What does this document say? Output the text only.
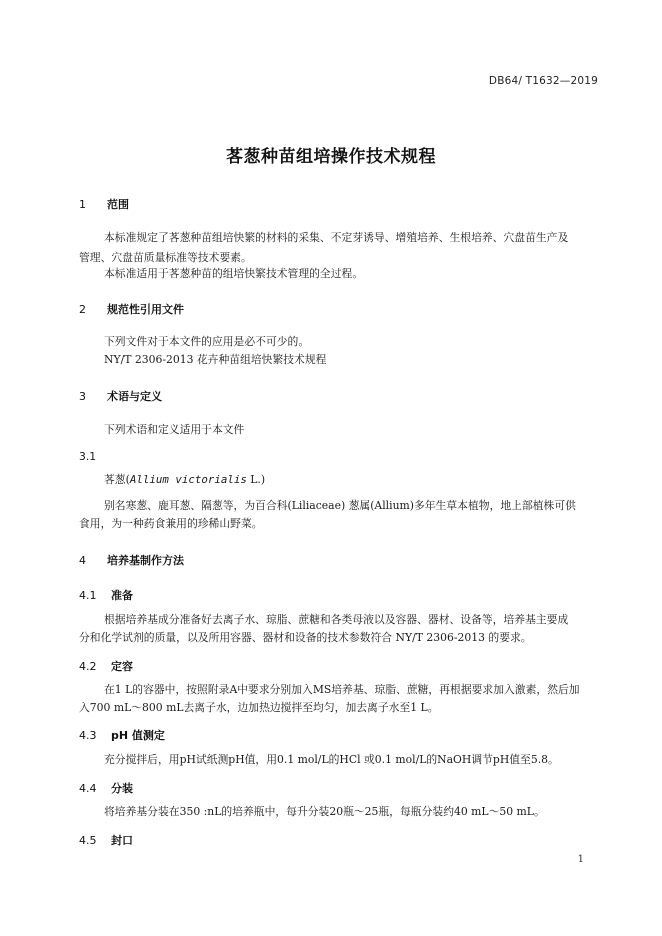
DB64/ T1632—2019
茖葱种苗组培操作技术规程
1 范围
本标准规定了茖葱种苗组培快繁的材料的采集、不定芽诱导、增殖培养、生根培养、穴盘苗生产及
管理、穴盘苗质量标准等技术要素。
本标准适用于茖葱种苗的组培快繁技术管理的全过程。
2 规范性引用文件
下列文件对于本文件的应用是必不可少的。
NY/T 2306-2013 花卉种苗组培快繁技术规程
3 术语与定义
下列术语和定义适用于本文件
3.1
茖葱(Allium victorialis L.)
别名寒葱、鹿耳葱、隔葱等，为百合科(Liliaceae) 葱属(Allium)多年生草本植物，地上部植株可供
食用，为一种药食兼用的珍稀山野菜。
4 培养基制作方法
4.1 准备
根据培养基成分准备好去离子水、琼脂、蔗糖和各类母液以及容器、器材、设备等，培养基主要成
分和化学试剂的质量，以及所用容器、器材和设备的技术参数符合 NY/T 2306-2013 的要求。
4.2 定容
在1 L的容器中，按照附录A中要求分别加入MS培养基、琼脂、蔗糖，再根据要求加入激素，然后加
入700 mL～800 mL去离子水，边加热边搅拌至均匀，加去离子水至1 L。
4.3 pH 值测定
充分搅拌后，用pH试纸测pH值，用0.1 mol/L的HCl 或0.1 mol/L的NaOH调节pH值至5.8。
4.4 分装
将培养基分装在350 :nL的培养瓶中，每升分装20瓶～25瓶，每瓶分装约40 mL～50 mL。
4.5 封口
1
